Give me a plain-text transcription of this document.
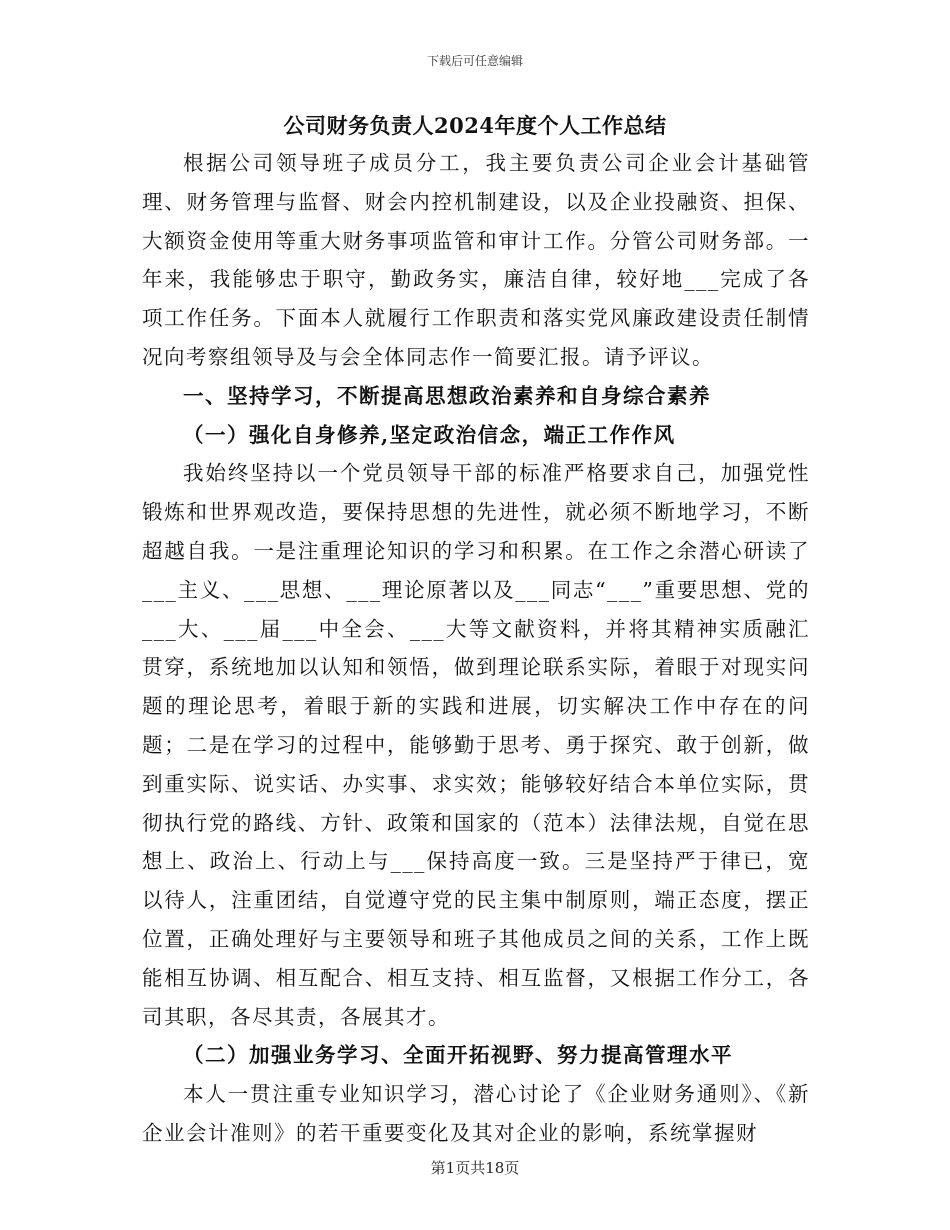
下载后可任意编辑
公司财务负责人2024年度个人工作总结

根据公司领导班子成员分工，我主要负责公司企业会计基础管理、财务管理与监督、财会内控机制建设，以及企业投融资、担保、大额资金使用等重大财务事项监管和审计工作。分管公司财务部。一年来，我能够忠于职守，勤政务实，廉洁自律，较好地___完成了各项工作任务。下面本人就履行工作职责和落实党风廉政建设责任制情况向考察组领导及与会全体同志作一简要汇报。请予评议。

一、坚持学习，不断提高思想政治素养和自身综合素养
（一）强化自身修养,坚定政治信念，端正工作作风

我始终坚持以一个党员领导干部的标准严格要求自己，加强党性锻炼和世界观改造，要保持思想的先进性，就必须不断地学习，不断超越自我。一是注重理论知识的学习和积累。在工作之余潜心研读了___主义、___思想、___理论原著以及___同志“___”重要思想、党的___大、___届___中全会、___大等文献资料，并将其精神实质融汇贯穿，系统地加以认知和领悟，做到理论联系实际，着眼于对现实问题的理论思考，着眼于新的实践和进展，切实解决工作中存在的问题；二是在学习的过程中，能够勤于思考、勇于探究、敢于创新，做到重实际、说实话、办实事、求实效；能够较好结合本单位实际，贯彻执行党的路线、方针、政策和国家的（范本）法律法规，自觉在思想上、政治上、行动上与___保持高度一致。三是坚持严于律已，宽以待人，注重团结，自觉遵守党的民主集中制原则，端正态度，摆正位置，正确处理好与主要领导和班子其他成员之间的关系，工作上既能相互协调、相互配合、相互支持、相互监督，又根据工作分工，各司其职，各尽其责，各展其才。

（二）加强业务学习、全面开拓视野、努力提高管理水平

本人一贯注重专业知识学习，潜心讨论了《企业财务通则》、《新企业会计准则》的若干重要变化及其对企业的影响，系统掌握财

第1页共18页
